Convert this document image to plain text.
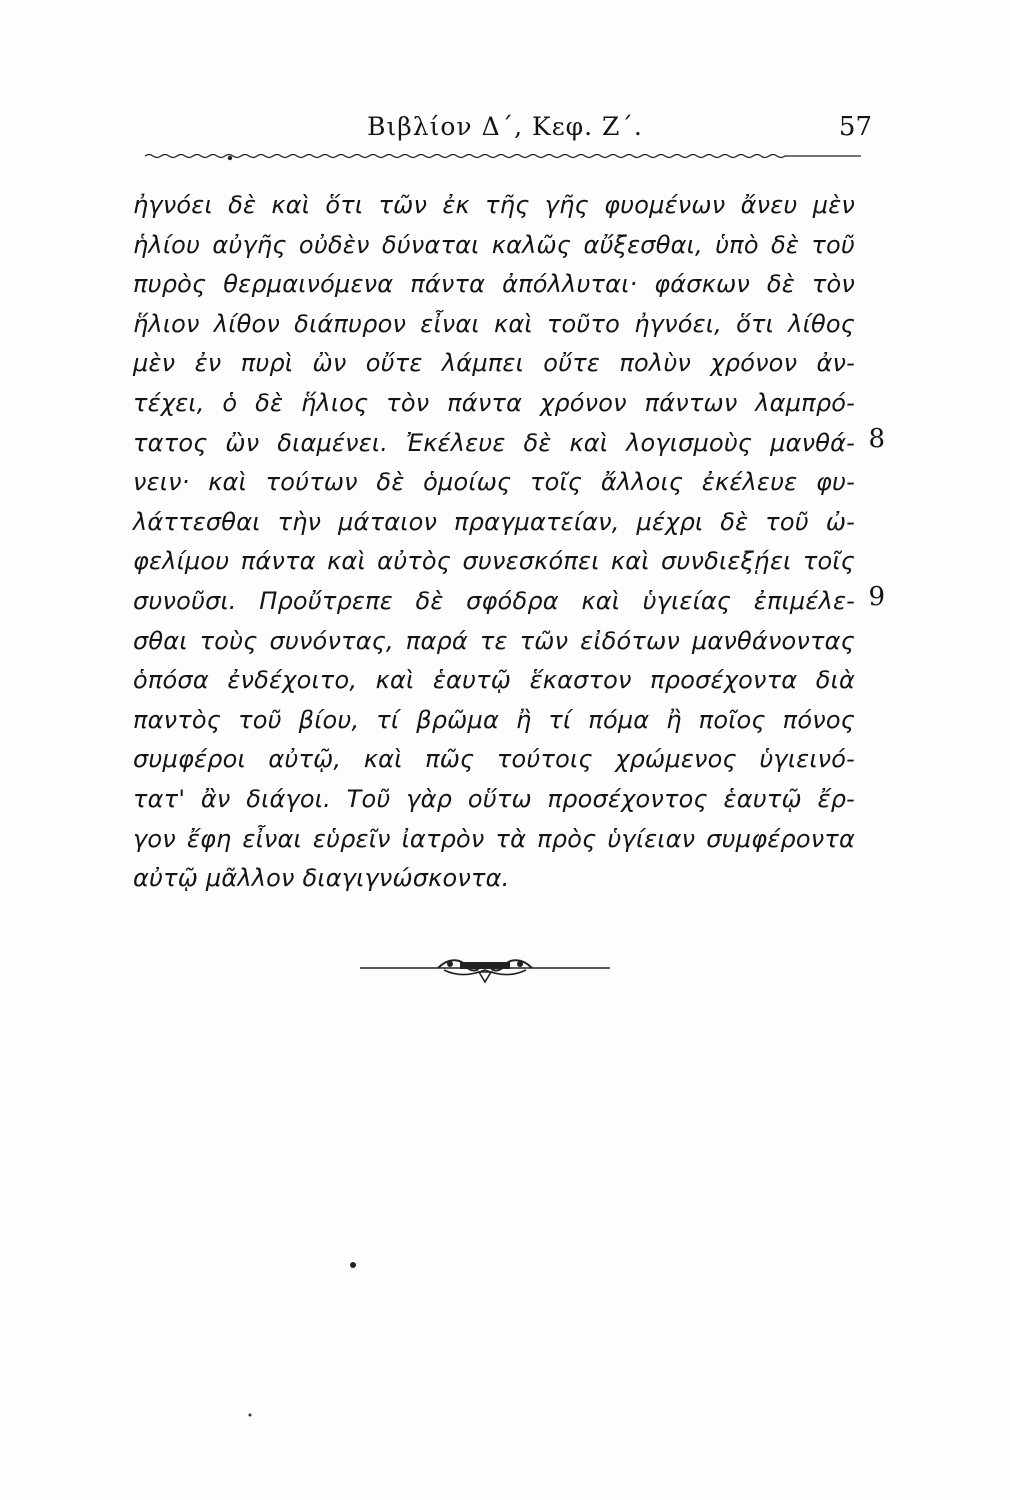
Βιβλίον Δ΄, Κεφ. Ζ΄.	57
ἠγνόει δὲ καὶ ὅτι τῶν ἐκ τῆς γῆς φυομένων ἄνευ μὲν
ἡλίου αὐγῆς οὐδὲν δύναται καλῶς αὔξεσθαι, ὑπὸ δὲ τοῦ
πυρὸς θερμαινόμενα πάντα ἀπόλλυται· φάσκων δὲ τὸν
ἥλιον λίθον διάπυρον εἶναι καὶ τοῦτο ἠγνόει, ὅτι λίθος
μὲν ἐν πυρὶ ὢν οὔτε λάμπει οὔτε πολὺν χρόνον ἀν-
τέχει, ὁ δὲ ἥλιος τὸν πάντα χρόνον πάντων λαμπρό-
τατος ὢν διαμένει. Ἐκέλευε δὲ καὶ λογισμοὺς μανθά-
νειν· καὶ τούτων δὲ ὁμοίως τοῖς ἄλλοις ἐκέλευε φυ-
λάττεσθαι τὴν μάταιον πραγματείαν, μέχρι δὲ τοῦ ὠ-
φελίμου πάντα καὶ αὐτὸς συνεσκόπει καὶ συνδιεξῄει τοῖς
συνοῦσι. Προὔτρεπε δὲ σφόδρα καὶ ὑγιείας ἐπιμέλε-
σθαι τοὺς συνόντας, παρά τε τῶν εἰδότων μανθάνοντας
ὁπόσα ἐνδέχοιτο, καὶ ἑαυτῷ ἕκαστον προσέχοντα διὰ
παντὸς τοῦ βίου, τί βρῶμα ἢ τί πόμα ἢ ποῖος πόνος
συμφέροι αὐτῷ, καὶ πῶς τούτοις χρώμενος ὑγιεινό-
τατ' ἂν διάγοι. Τοῦ γὰρ οὕτω προσέχοντος ἑαυτῷ ἔρ-
γον ἔφη εἶναι εὑρεῖν ἰατρὸν τὰ πρὸς ὑγίειαν συμφέροντα
αὐτῷ μᾶλλον διαγιγνώσκοντα.
8
9
